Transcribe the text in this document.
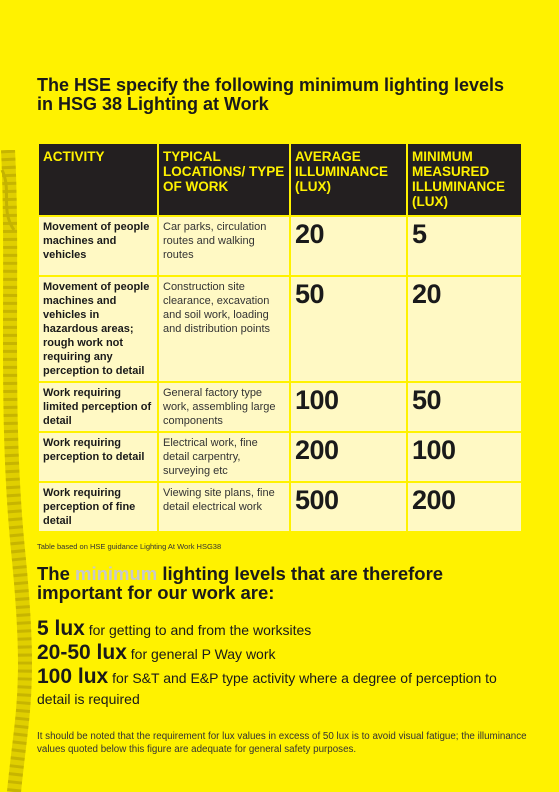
The HSE specify the following minimum lighting levels in HSG 38 Lighting at Work
ACTIVITY	TYPICAL LOCATIONS/ TYPE OF WORK	AVERAGE ILLUMINANCE (LUX)	MINIMUM MEASURED ILLUMINANCE (LUX)
Movement of people machines and vehicles	Car parks, circulation routes and walking routes	20	5
Movement of people machines and vehicles in hazardous areas; rough work not requiring any perception to detail	Construction site clearance, excavation and soil work, loading and distribution points	50	20
Work requiring limited perception of detail	General factory type work, assembling large components	100	50
Work requiring perception to detail	Electrical work, fine detail carpentry, surveying etc	200	100
Work requiring perception of fine detail	Viewing site plans, fine detail electrical work	500	200

Table based on HSE guidance Lighting At Work HSG38

The minimum lighting levels that are therefore important for our work are:

5 lux for getting to and from the worksites

20-50 lux for general P Way work

100 lux for S&T and E&P type activity where a degree of perception to detail is required

It should be noted that the requirement for lux values in excess of 50 lux is to avoid visual fatigue; the illuminance values quoted below this figure are adequate for general safety purposes.
